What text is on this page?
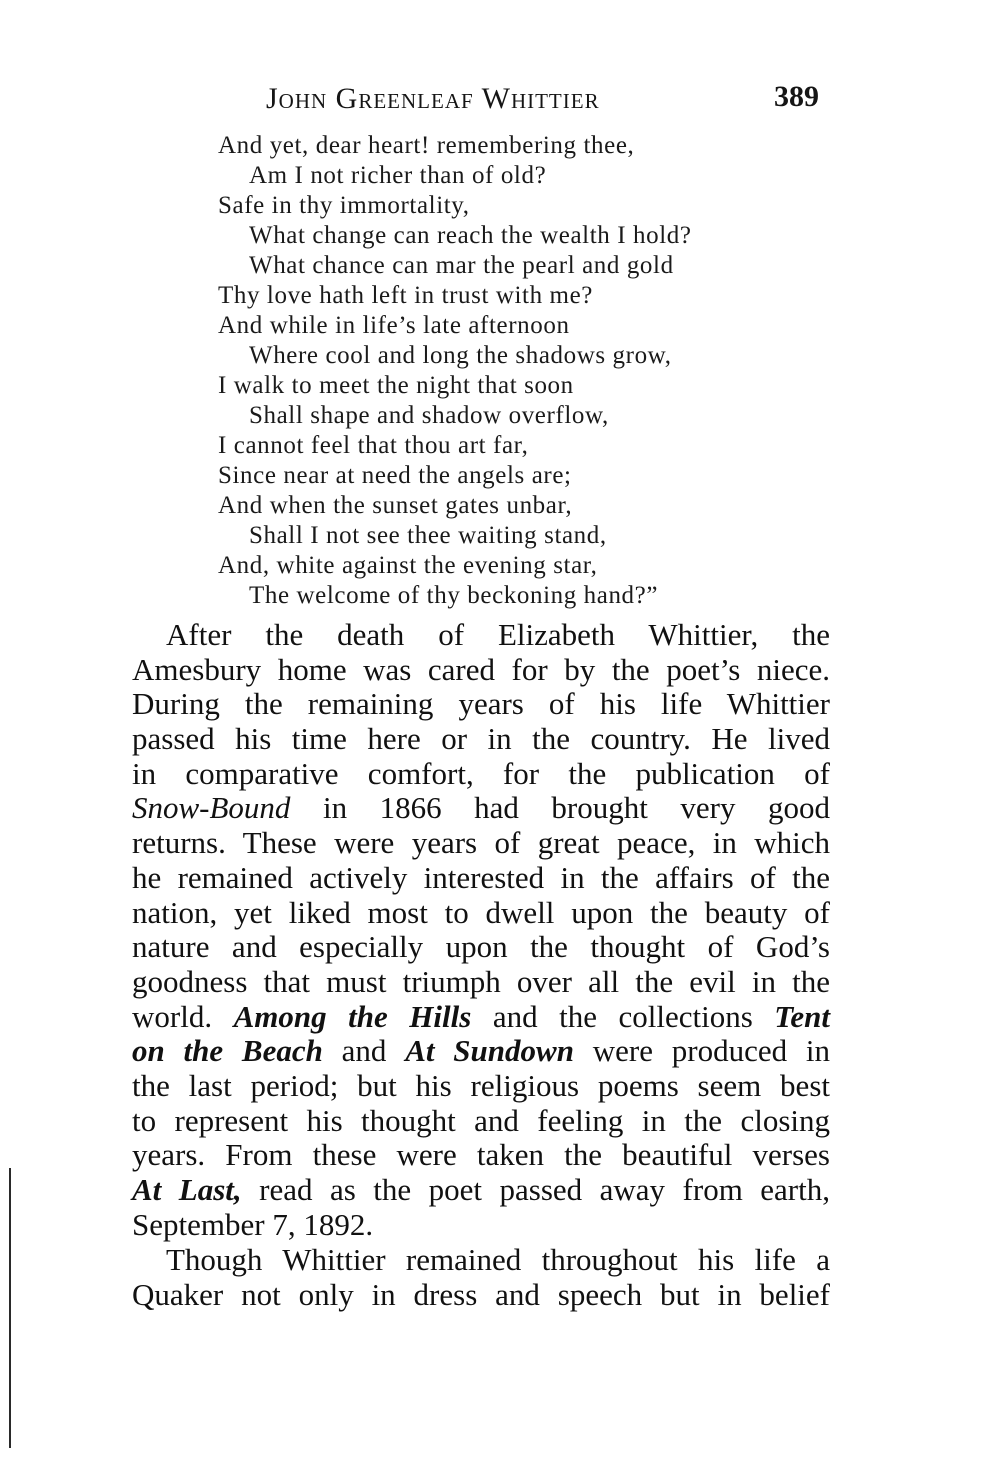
John Greenleaf Whittier	389
And yet, dear heart! remembering thee,
Am I not richer than of old?
Safe in thy immortality,
What change can reach the wealth I hold?
What chance can mar the pearl and gold
Thy love hath left in trust with me?
And while in life’s late afternoon
Where cool and long the shadows grow,
I walk to meet the night that soon
Shall shape and shadow overflow,
I cannot feel that thou art far,
Since near at need the angels are;
And when the sunset gates unbar,
Shall I not see thee waiting stand,
And, white against the evening star,
The welcome of thy beckoning hand?”
After the death of Elizabeth Whittier, the
Amesbury home was cared for by the poet’s niece.
During the remaining years of his life Whittier
passed his time here or in the country. He lived
in comparative comfort, for the publication of
Snow-Bound in 1866 had brought very good
returns. These were years of great peace, in which
he remained actively interested in the affairs of the
nation, yet liked most to dwell upon the beauty of
nature and especially upon the thought of God’s
goodness that must triumph over all the evil in the
world. Among the Hills and the collections Tent
on the Beach and At Sundown were produced in
the last period; but his religious poems seem best
to represent his thought and feeling in the closing
years. From these were taken the beautiful verses
At Last, read as the poet passed away from earth,
September 7, 1892.
Though Whittier remained throughout his life a
Quaker not only in dress and speech but in belief
